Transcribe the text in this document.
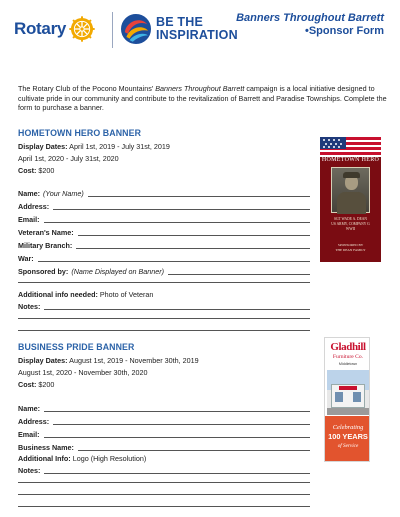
Rotary	BE THE
INSPIRATION
Banners Throughout Barrett
• Sponsor Form

The Rotary Club of the Pocono Mountains' Banners Throughout Barrett campaign is a local initiative designed to cultivate pride in our community and contribute to the revitalization of Barrett and Paradise Townships. Complete the form to purchase a banner.

HOMETOWN HERO BANNER
Display Dates: April 1st, 2019 - July 31st, 2019
April 1st, 2020 - July 31st, 2020
Cost: $200
Name: (Your Name)
Address:
Email:
Veteran's Name:
Military Branch:
War:
Sponsored by: (Name Displayed on Banner)
Additional info needed: Photo of Veteran
Notes:
HOMETOWN HERO
SGT WADE A. DEAN
US ARMY, COMPANY G
WWII
SPONSORED BY
THE DEAN FAMILY
BUSINESS PRIDE BANNER
Display Dates: August 1st, 2019 - November 30th, 2019
August 1st, 2020 - November 30th, 2020
Cost: $200
Name:
Address:
Email:
Business Name:
Additional Info: Logo (High Resolution)
Notes:
Gladhill
Furniture Co.
Middletown
Celebrating
100 YEARS
of Service
